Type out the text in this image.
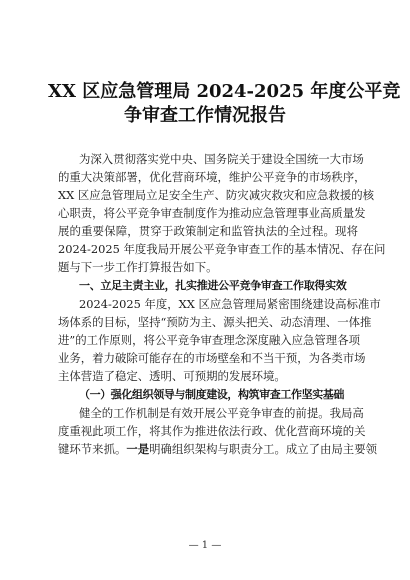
XX 区应急管理局 2024-2025 年度公平竞
争审查工作情况报告
为深入贯彻落实党中央、国务院关于建设全国统一大市场
的重大决策部署，优化营商环境，维护公平竞争的市场秩序，
XX 区应急管理局立足安全生产、防灾减灾救灾和应急救援的核
心职责，将公平竞争审查制度作为推动应急管理事业高质量发
展的重要保障，贯穿于政策制定和监管执法的全过程。现将
2024-2025 年度我局开展公平竞争审查工作的基本情况、存在问
题与下一步工作打算报告如下。
一、立足主责主业，扎实推进公平竞争审查工作取得实效
2024-2025 年度，XX 区应急管理局紧密围绕建设高标准市
场体系的目标，坚持“预防为主、源头把关、动态清理、一体推
进”的工作原则，将公平竞争审查理念深度融入应急管理各项
业务，着力破除可能存在的市场壁垒和不当干预，为各类市场
主体营造了稳定、透明、可预期的发展环境。
（一）强化组织领导与制度建设，构筑审查工作坚实基础
健全的工作机制是有效开展公平竞争审查的前提。我局高
度重视此项工作，将其作为推进依法行政、优化营商环境的关
键环节来抓。一是明确组织架构与职责分工。成立了由局主要领
— 1 —
